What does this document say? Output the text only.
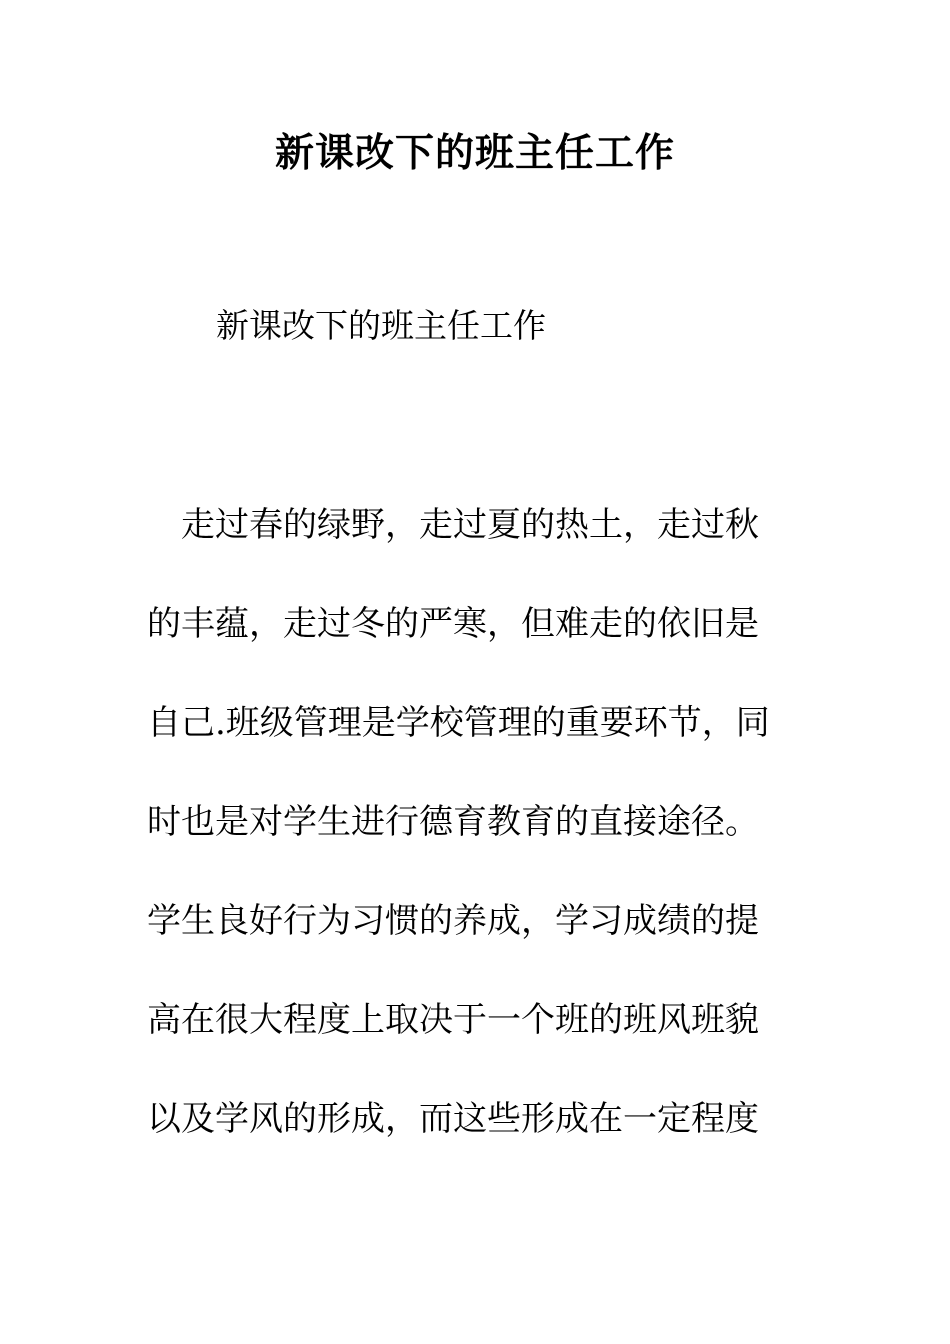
新课改下的班主任工作
新课改下的班主任工作
　走过春的绿野，走过夏的热土，走过秋
的丰蕴，走过冬的严寒，但难走的依旧是
自己.班级管理是学校管理的重要环节，同
时也是对学生进行德育教育的直接途径。
学生良好行为习惯的养成，学习成绩的提
高在很大程度上取决于一个班的班风班貌
以及学风的形成，而这些形成在一定程度
